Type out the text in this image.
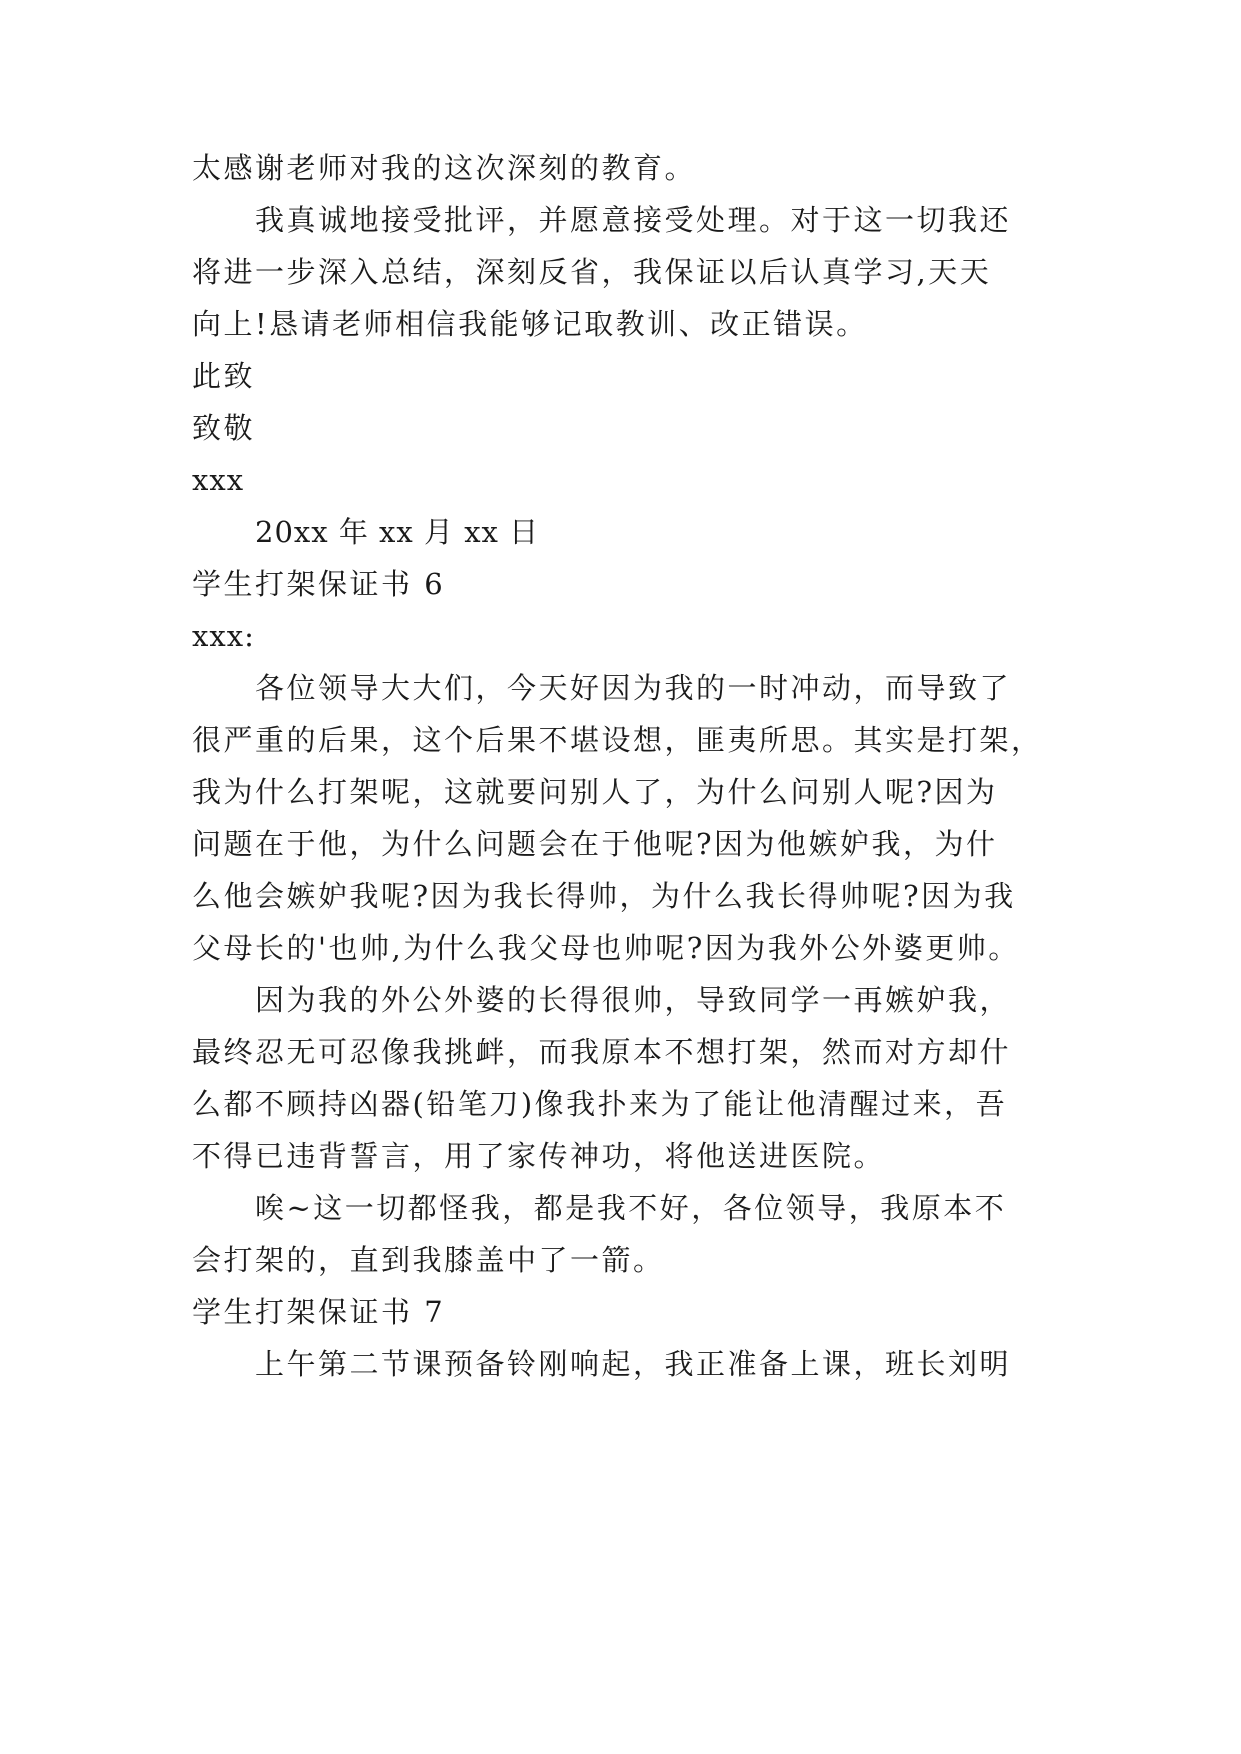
太感谢老师对我的这次深刻的教育。
我真诚地接受批评，并愿意接受处理。对于这一切我还
将进一步深入总结，深刻反省，我保证以后认真学习,天天
向上!恳请老师相信我能够记取教训、改正错误。
此致
致敬
xxx
20xx 年 xx 月 xx 日
学生打架保证书 6
xxx:
各位领导大大们，今天好因为我的一时冲动，而导致了
很严重的后果，这个后果不堪设想，匪夷所思。其实是打架，
我为什么打架呢，这就要问别人了，为什么问别人呢?因为
问题在于他，为什么问题会在于他呢?因为他嫉妒我，为什
么他会嫉妒我呢?因为我长得帅，为什么我长得帅呢?因为我
父母长的'也帅,为什么我父母也帅呢?因为我外公外婆更帅。
因为我的外公外婆的长得很帅，导致同学一再嫉妒我，
最终忍无可忍像我挑衅，而我原本不想打架，然而对方却什
么都不顾持凶器(铅笔刀)像我扑来为了能让他清醒过来，吾
不得已违背誓言，用了家传神功，将他送进医院。
唉~这一切都怪我，都是我不好，各位领导，我原本不
会打架的，直到我膝盖中了一箭。
学生打架保证书 7
上午第二节课预备铃刚响起，我正准备上课，班长刘明
